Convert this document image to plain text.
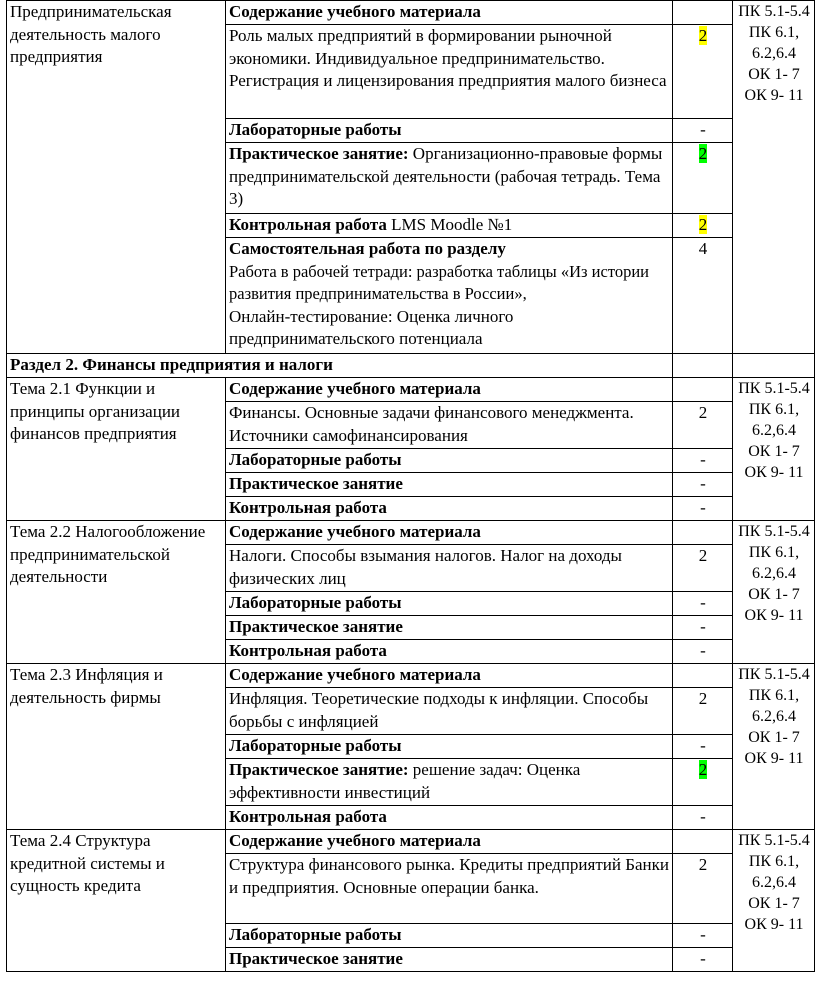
Предпринимательская деятельность малого предприятия	Содержание учебного материала		ПК 5.1-5.4
ПК 6.1,
6.2,6.4
ОК 1- 7
ОК 9- 11

	Роль малых предприятий в формировании рыночной экономики. Индивидуальное предпринимательство. Регистрация и лицензирования предприятия малого бизнеса	2	
	Лабораторные работы	-	
	Практическое занятие: Организационно-правовые формы предпринимательской деятельности (рабочая тетрадь. Тема 3)	2	
	Контрольная работа LMS Moodle №1	2	

	Самостоятельная работа по разделу
Работа в рабочей тетради: разработка таблицы «Из истории развития предпринимательства в России»,
Онлайн-тестирование: Оценка личного предпринимательского потенциала	4	
Раздел 2. Финансы предприятия и налоги			
Тема 2.1 Функции и принципы организации финансов предприятия	Содержание учебного материала		ПК 5.1-5.4
ПК 6.1,
6.2,6.4
ОК 1- 7
ОК 9- 11

	Финансы. Основные задачи финансового менеджмента. Источники самофинансирования	2	
	Лабораторные работы	-	
	Практическое занятие	-	
	Контрольная работа	-	
Тема 2.2 Налогообложение предпринимательской деятельности	Содержание учебного материала		ПК 5.1-5.4
ПК 6.1,
6.2,6.4
ОК 1- 7
ОК 9- 11

	Налоги. Способы взымания налогов. Налог на доходы физических лиц	2	
	Лабораторные работы	-	
	Практическое занятие	-	
	Контрольная работа	-	
Тема 2.3 Инфляция и деятельность фирмы	Содержание учебного материала		ПК 5.1-5.4
ПК 6.1,
6.2,6.4
ОК 1- 7
ОК 9- 11

	Инфляция. Теоретические подходы к инфляции. Способы борьбы с инфляцией	2	
	Лабораторные работы	-	
	Практическое занятие: решение задач: Оценка эффективности инвестиций	2	
	Контрольная работа	-	
Тема 2.4 Структура кредитной системы и сущность кредита	Содержание учебного материала		ПК 5.1-5.4
ПК 6.1,
6.2,6.4
ОК 1- 7
ОК 9- 11

	Структура финансового рынка. Кредиты предприятий Банки и предприятия. Основные операции банка.	2	
	Лабораторные работы	-	
	Практическое занятие	-	
